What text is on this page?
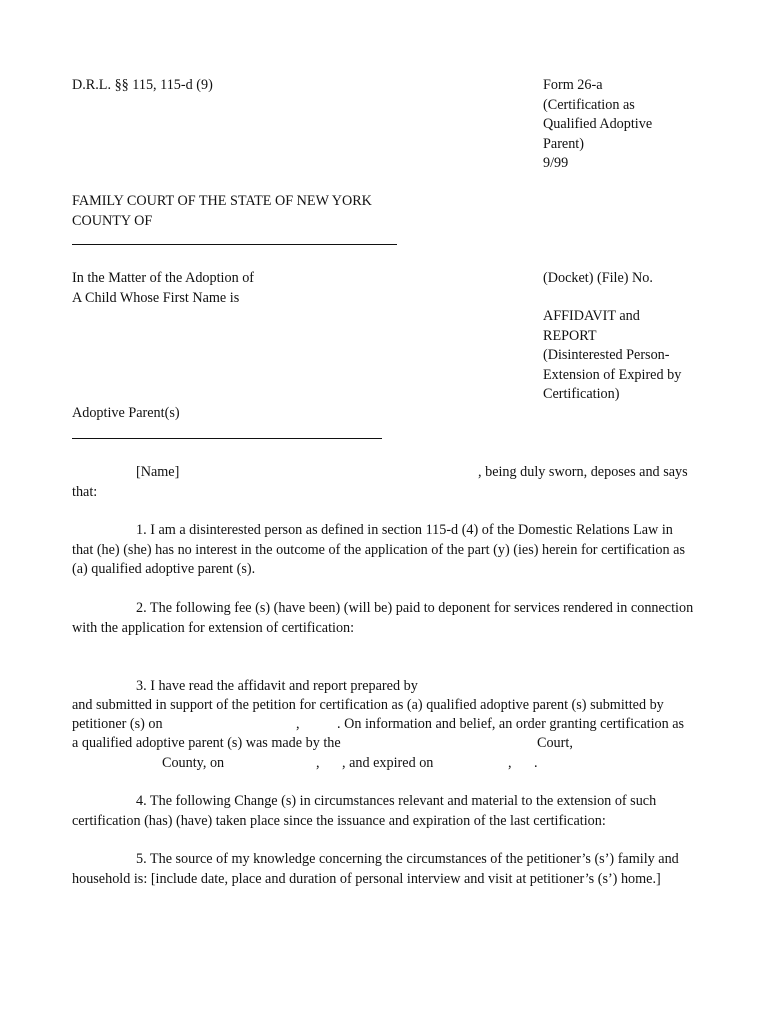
D.R.L. §§ 115, 115-d (9)	Form 26-a
(Certification as
Qualified Adoptive
Parent)
9/99
FAMILY COURT OF THE STATE OF NEW YORK
COUNTY OF
In the Matter of the Adoption of
A Child Whose First Name is
(Docket) (File) No.
AFFIDAVIT and
REPORT
(Disinterested Person-
Extension of Expired by
Certification)
Adoptive Parent(s)
[Name]	, being duly sworn, deposes and says
that:
1. I am a disinterested person as defined in section 115-d (4) of the Domestic Relations Law in
that (he) (she) has no interest in the outcome of the application of the part (y) (ies) herein for certification as
(a) qualified adoptive parent (s).
2. The following fee (s) (have been) (will be) paid to deponent for services rendered in connection
with the application for extension of certification:
3. I have read the affidavit and report prepared by
and submitted in support of the petition for certification as (a) qualified adoptive parent (s) submitted by
petitioner (s) on	,	. On information and belief, an order granting certification as
a qualified adoptive parent (s) was made by the	Court,
County, on	, , and expired on	, .
4. The following Change (s) in circumstances relevant and material to the extension of such
certification (has) (have) taken place since the issuance and expiration of the last certification:
5. The source of my knowledge concerning the circumstances of the petitioner’s (s’) family and
household is: [include date, place and duration of personal interview and visit at petitioner’s (s’) home.]
